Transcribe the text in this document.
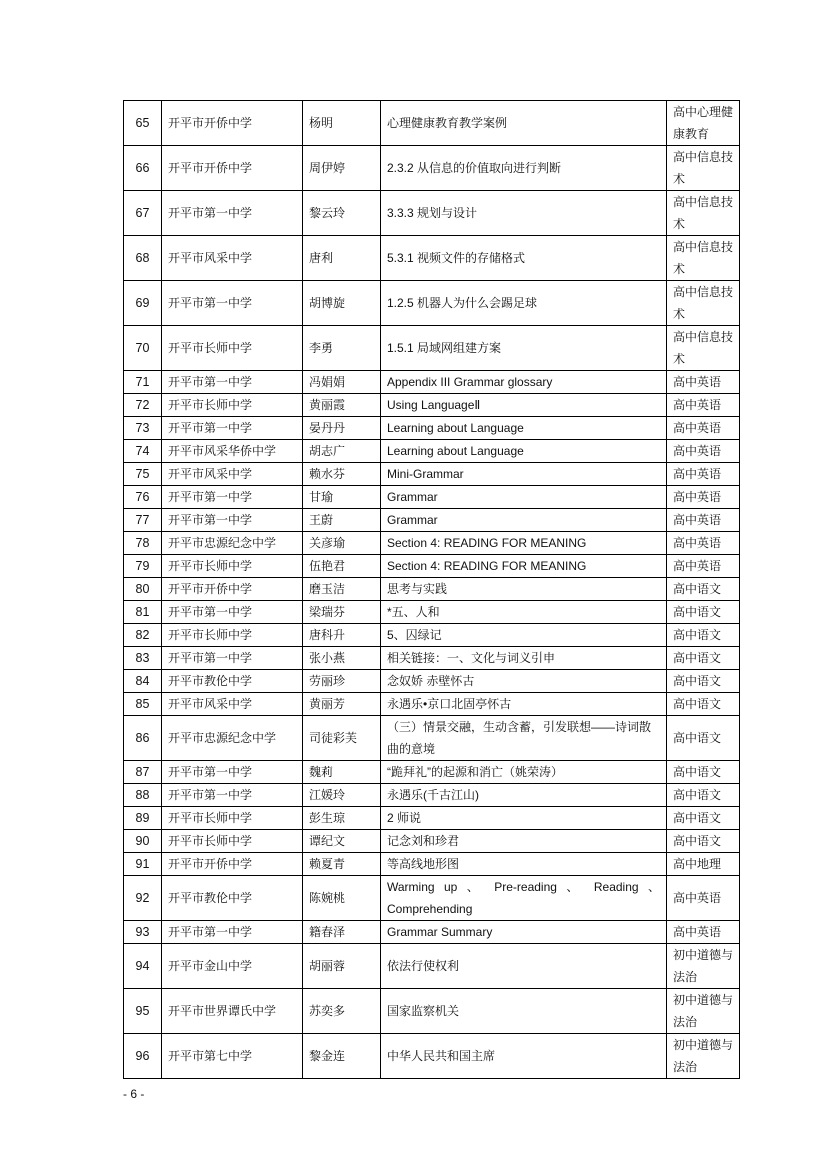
65	开平市开侨中学	杨明	心理健康教育教学案例	高中心理健康教育
66	开平市开侨中学	周伊婷	2.3.2 从信息的价值取向进行判断	高中信息技术
67	开平市第一中学	黎云玲	3.3.3 规划与设计	高中信息技术
68	开平市风采中学	唐利	5.3.1 视频文件的存储格式	高中信息技术
69	开平市第一中学	胡博旋	1.2.5 机器人为什么会踢足球	高中信息技术
70	开平市长师中学	李勇	1.5.1 局域网组建方案	高中信息技术
71	开平市第一中学	冯娟娟	Appendix III Grammar glossary	高中英语
72	开平市长师中学	黄丽霞	Using LanguageⅡ	高中英语
73	开平市第一中学	晏丹丹	Learning about Language	高中英语
74	开平市风采华侨中学	胡志广	Learning about Language	高中英语
75	开平市风采中学	赖水芬	Mini-Grammar	高中英语
76	开平市第一中学	甘瑜	Grammar	高中英语
77	开平市第一中学	王蔚	Grammar	高中英语
78	开平市忠源纪念中学	关彦瑜	Section 4: READING FOR MEANING	高中英语
79	开平市长师中学	伍艳君	Section 4: READING FOR MEANING	高中英语
80	开平市开侨中学	磨玉洁	思考与实践	高中语文
81	开平市第一中学	梁瑞芬	*五、人和	高中语文
82	开平市长师中学	唐科升	5、囚绿记	高中语文
83	开平市第一中学	张小燕	相关链接：一、文化与词义引申	高中语文
84	开平市教伦中学	劳丽珍	念奴娇 赤壁怀古	高中语文
85	开平市风采中学	黄丽芳	永遇乐•京口北固亭怀古	高中语文
86	开平市忠源纪念中学	司徒彩芙	（三）情景交融，生动含蓄，引发联想——诗词散曲的意境	高中语文
87	开平市第一中学	魏莉	“跪拜礼”的起源和消亡（姚荣涛）	高中语文
88	开平市第一中学	江媛玲	永遇乐(千古江山)	高中语文
89	开平市长师中学	彭生琼	2 师说	高中语文
90	开平市长师中学	谭纪文	记念刘和珍君	高中语文
91	开平市开侨中学	赖夏青	等高线地形图	高中地理
92	开平市教伦中学	陈婉桃	Warming up 、 Pre-reading 、 Reading 、 Comprehending	高中英语
93	开平市第一中学	籍春泽	Grammar Summary	高中英语
94	开平市金山中学	胡丽蓉	依法行使权利	初中道德与法治
95	开平市世界谭氏中学	苏奕多	国家监察机关	初中道德与法治
96	开平市第七中学	黎金连	中华人民共和国主席	初中道德与法治
- 6 -
